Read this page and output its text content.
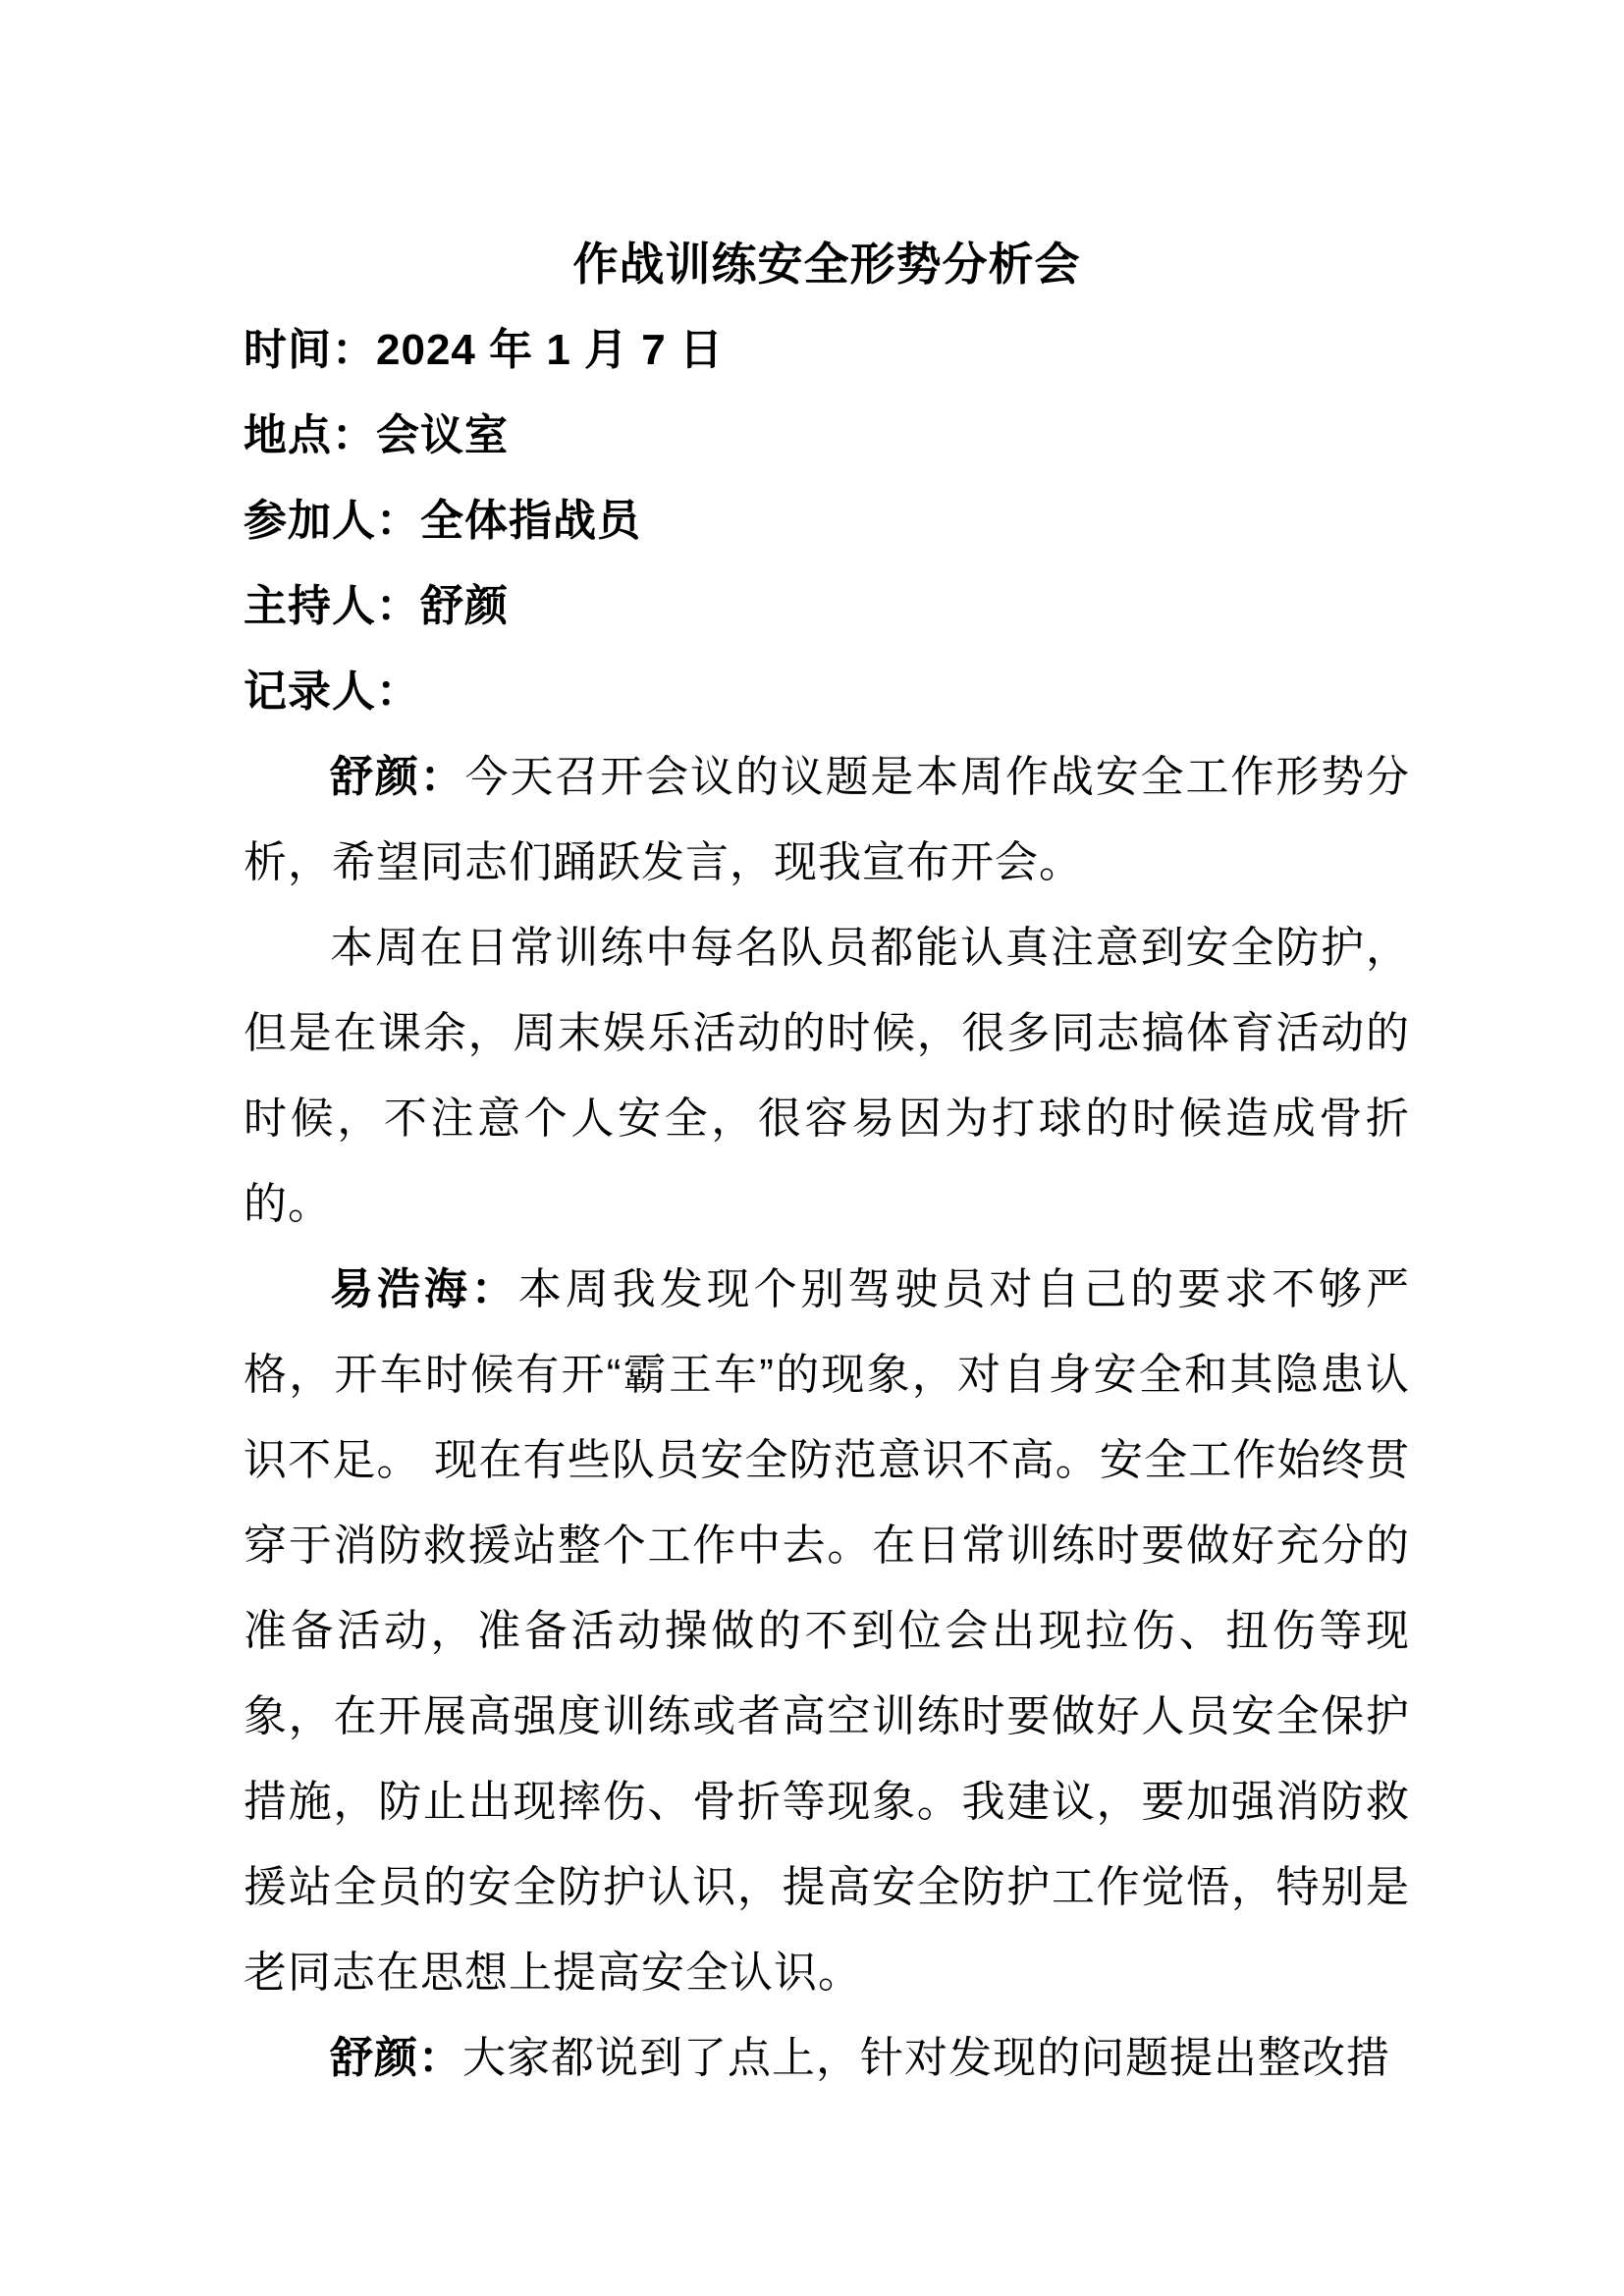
作战训练安全形势分析会
时间：2024 年 1 月 7 日
地点：会议室
参加人：全体指战员
主持人：舒颜
记录人：

舒颜：今天召开会议的议题是本周作战安全工作形势分析，希望同志们踊跃发言，现我宣布开会。

本周在日常训练中每名队员都能认真注意到安全防护，但是在课余，周末娱乐活动的时候，很多同志搞体育活动的时候，不注意个人安全，很容易因为打球的时候造成骨折的。

易浩海：本周我发现个别驾驶员对自己的要求不够严格，开车时候有开“霸王车”的现象，对自身安全和其隐患认识不足。 现在有些队员安全防范意识不高。安全工作始终贯穿于消防救援站整个工作中去。在日常训练时要做好充分的准备活动，准备活动操做的不到位会出现拉伤、扭伤等现象，在开展高强度训练或者高空训练时要做好人员安全保护措施，防止出现摔伤、骨折等现象。我建议，要加强消防救援站全员的安全防护认识，提高安全防护工作觉悟，特别是老同志在思想上提高安全认识。

舒颜：大家都说到了点上，针对发现的问题提出整改措
